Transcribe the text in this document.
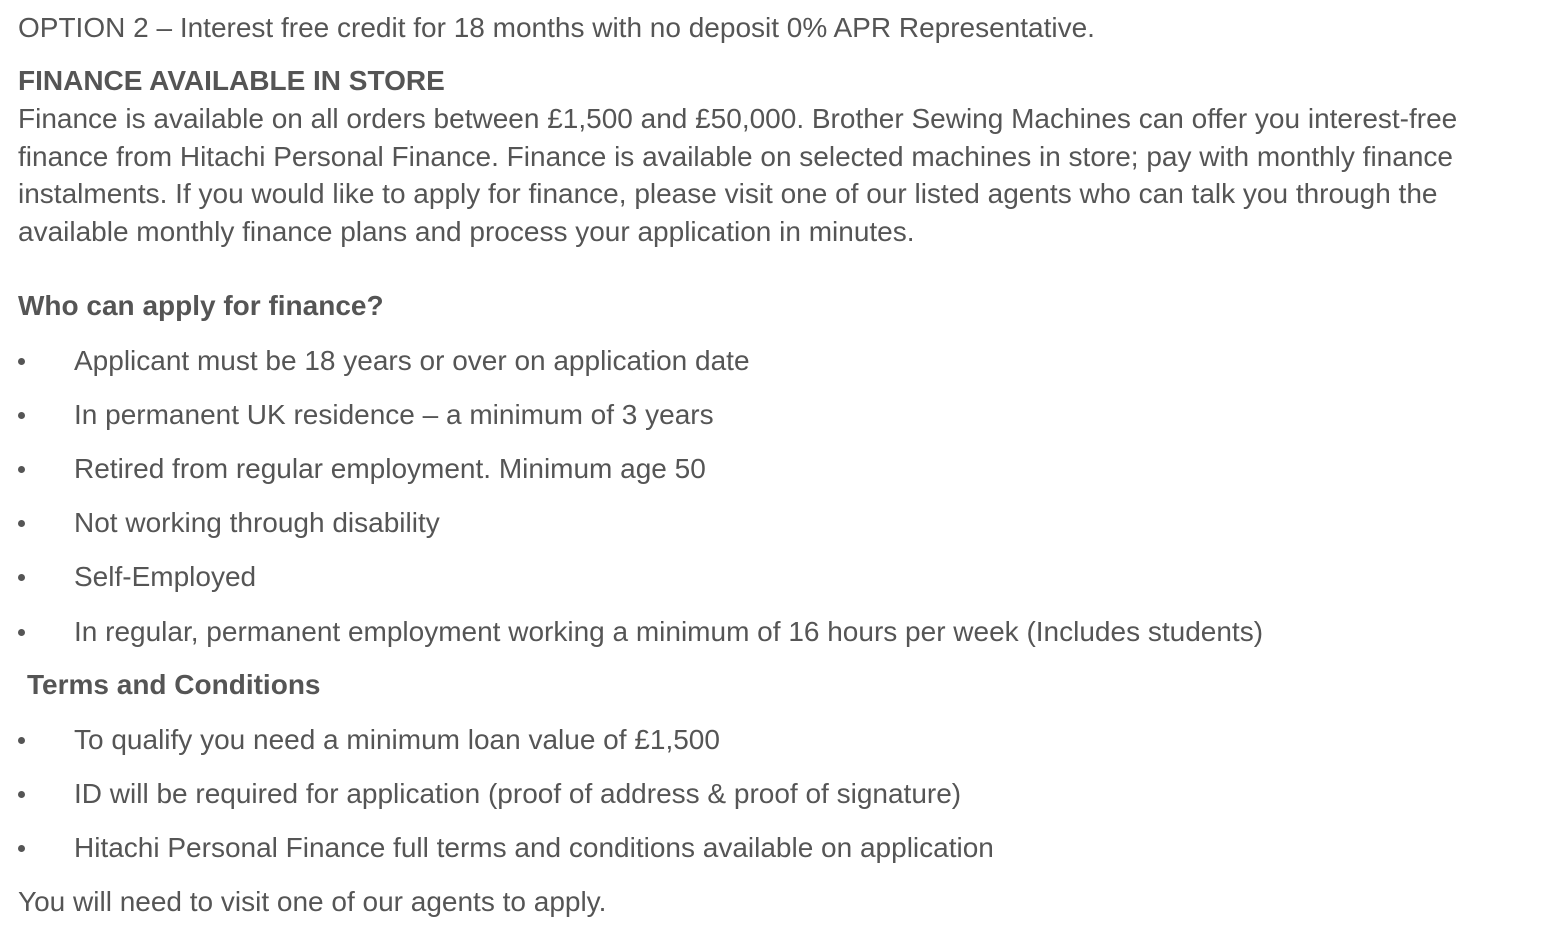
OPTION 2 – Interest free credit for 18 months with no deposit 0% APR Representative.
FINANCE AVAILABLE IN STORE
Finance is available on all orders between £1,500 and £50,000. Brother Sewing Machines can offer you interest-free
finance from Hitachi Personal Finance. Finance is available on selected machines in store; pay with monthly finance
instalments. If you would like to apply for finance, please visit one of our listed agents who can talk you through the
available monthly finance plans and process your application in minutes.
Who can apply for finance?
Applicant must be 18 years or over on application date
In permanent UK residence – a minimum of 3 years
Retired from regular employment. Minimum age 50
Not working through disability
Self-Employed
In regular, permanent employment working a minimum of 16 hours per week (Includes students)
Terms and Conditions
To qualify you need a minimum loan value of £1,500
ID will be required for application (proof of address & proof of signature)
Hitachi Personal Finance full terms and conditions available on application
You will need to visit one of our agents to apply.
